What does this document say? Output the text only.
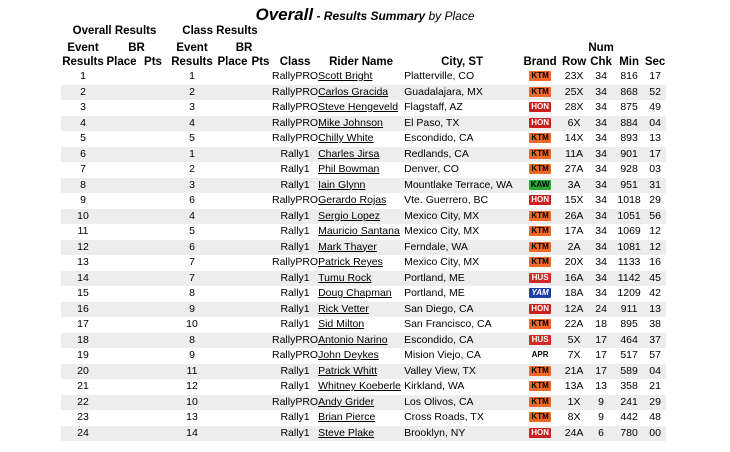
Overall - Results Summary by Place
Overall Results			Class Results										
Event	BR		Event	BR							Num		
Results	Place	Pts	Results	Place	Pts	Class	Rider Name	City, ST	Brand	Row	Chk	Min	Sec
1			1			RallyPRO	Scott Bright	Platterville, CO	KTM	23X	34	816	17
2			2			RallyPRO	Carlos Gracida	Guadalajara, MX	KTM	25X	34	868	52
3			3			RallyPRO	Steve Hengeveld	Flagstaff, AZ	HON	28X	34	875	49
4			4			RallyPRO	Mike Johnson	El Paso, TX	HON	6X	34	884	04
5			5			RallyPRO	Chilly White	Escondido, CA	KTM	14X	34	893	13
6			1			Rally1	Charles Jirsa	Redlands, CA	KTM	11A	34	901	17
7			2			Rally1	Phil Bowman	Denver, CO	KTM	27A	34	928	03
8			3			Rally1	Iain Glynn	Mountlake Terrace, WA	KAW	3A	34	951	31
9			6			RallyPRO	Gerardo Rojas	Vte. Guerrero, BC	HON	15X	34	1018	29
10			4			Rally1	Sergio Lopez	Mexico City, MX	KTM	26A	34	1051	56
11			5			Rally1	Mauricio Santana	Mexico City, MX	KTM	17A	34	1069	12
12			6			Rally1	Mark Thayer	Ferndale, WA	KTM	2A	34	1081	12
13			7			RallyPRO	Patrick Reyes	Mexico City, MX	KTM	20X	34	1133	16
14			7			Rally1	Tumu Rock	Portland, ME	HUS	16A	34	1142	45
15			8			Rally1	Doug Chapman	Portland, ME	YAM	18A	34	1209	42
16			9			Rally1	Rick Vetter	San Diego, CA	HON	12A	24	911	13
17			10			Rally1	Sid Milton	San Francisco, CA	KTM	22A	18	895	38
18			8			RallyPRO	Antonio Narino	Escondido, CA	HUS	5X	17	464	37
19			9			RallyPRO	John Deykes	Mision Viejo, CA	APR	7X	17	517	57
20			11			Rally1	Patrick Whitt	Valley View, TX	KTM	21A	17	589	04
21			12			Rally1	Whitney Koeberle	Kirkland, WA	KTM	13A	13	358	21
22			10			RallyPRO	Andy Grider	Los Olivos, CA	KTM	1X	9	241	29
23			13			Rally1	Brian Pierce	Cross Roads, TX	KTM	8X	9	442	48
24			14			Rally1	Steve Plake	Brooklyn, NY	HON	24A	6	780	00
